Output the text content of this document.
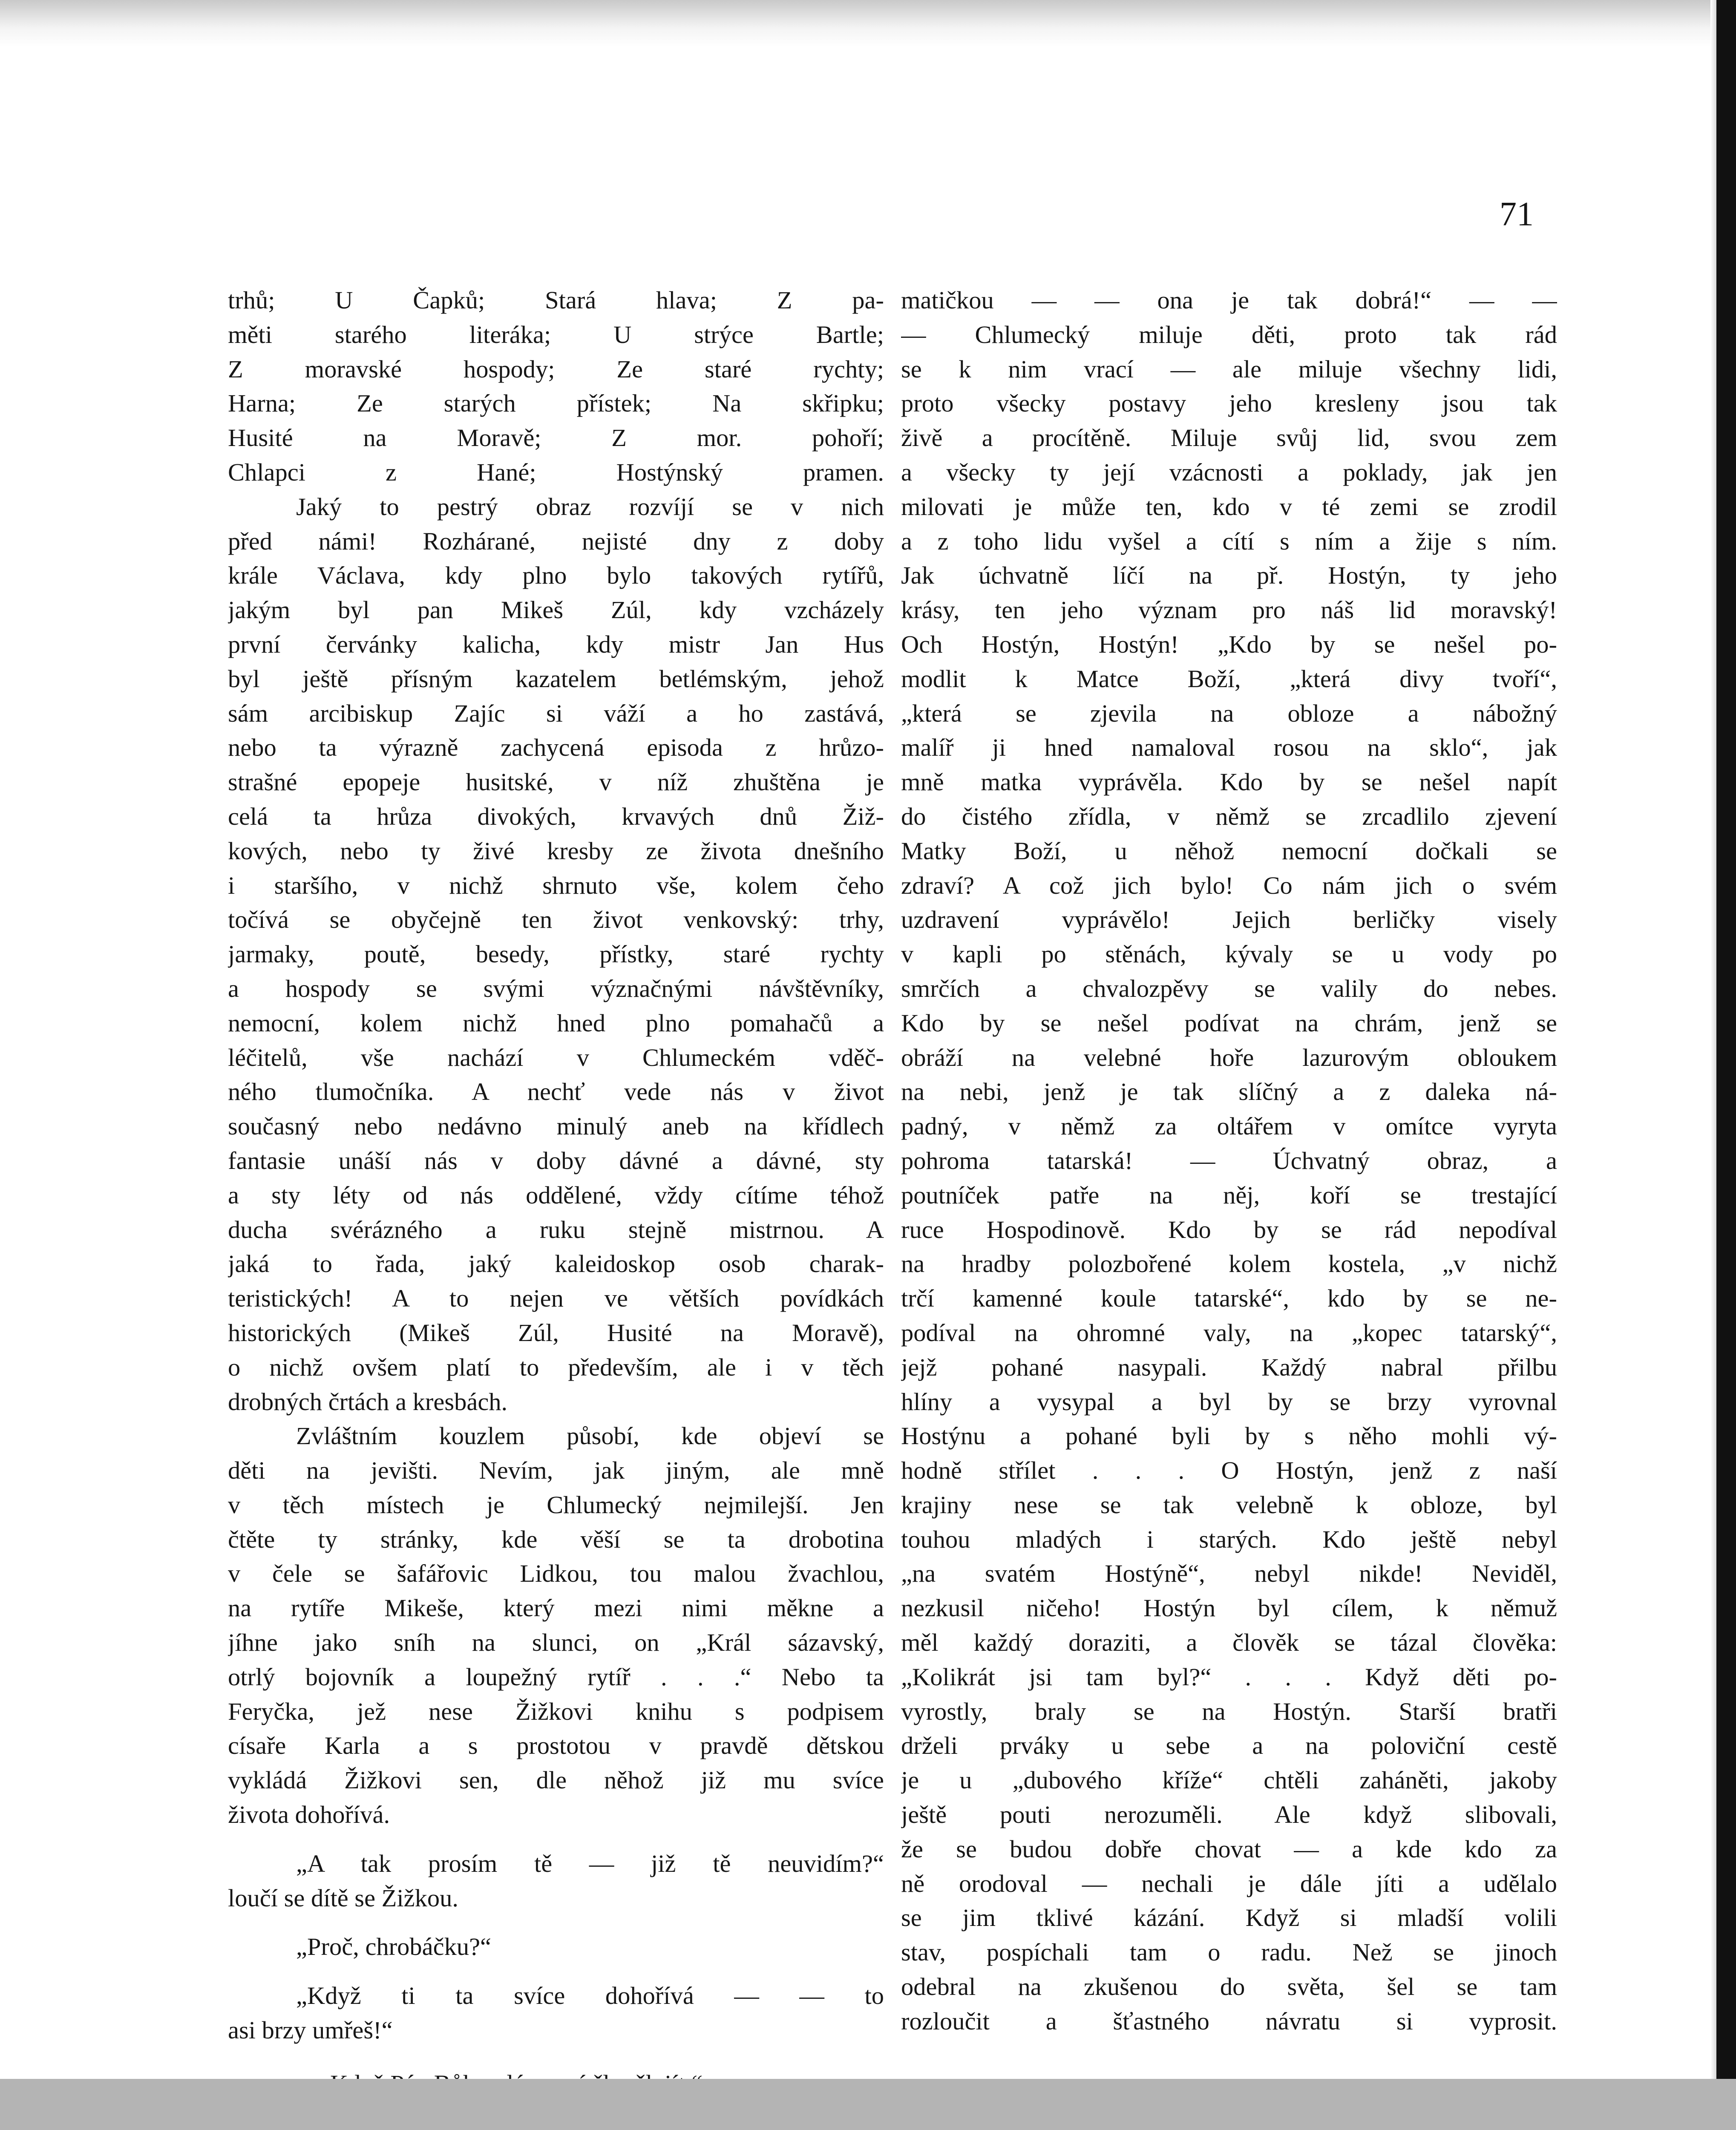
71
trhů; U Čapků; Stará hlava; Z pa-
měti starého literáka; U strýce Bartle;
Z moravské hospody; Ze staré rychty;
Harna; Ze starých přístek; Na skřipku;
Husité na Moravě; Z mor. pohoří;
Chlapci z Hané; Hostýnský pramen.
Jaký to pestrý obraz rozvíjí se v nich
před námi! Rozhárané, nejisté dny z doby
krále Václava, kdy plno bylo takových rytířů,
jakým byl pan Mikeš Zúl, kdy vzcházely
první červánky kalicha, kdy mistr Jan Hus
byl ještě přísným kazatelem betlémským, jehož
sám arcibiskup Zajíc si váží a ho zastává,
nebo ta výrazně zachycená episoda z hrůzo-
strašné epopeje husitské, v níž zhuštěna je
celá ta hrůza divokých, krvavých dnů Žiž-
kových, nebo ty živé kresby ze života dnešního
i staršího, v nichž shrnuto vše, kolem čeho
točívá se obyčejně ten život venkovský: trhy,
jarmaky, poutě, besedy, přístky, staré rychty
a hospody se svými význačnými návštěvníky,
nemocní, kolem nichž hned plno pomahačů a
léčitelů, vše nachází v Chlumeckém vděč-
ného tlumočníka. A nechť vede nás v život
současný nebo nedávno minulý aneb na křídlech
fantasie unáší nás v doby dávné a dávné, sty
a sty léty od nás oddělené, vždy cítíme téhož
ducha svérázného a ruku stejně mistrnou. A
jaká to řada, jaký kaleidoskop osob charak-
teristických! A to nejen ve větších povídkách
historických (Mikeš Zúl, Husité na Moravě),
o nichž ovšem platí to především, ale i v těch
drobných črtách a kresbách.
Zvláštním kouzlem působí, kde objeví se
děti na jevišti. Nevím, jak jiným, ale mně
v těch místech je Chlumecký nejmilejší. Jen
čtěte ty stránky, kde věší se ta drobotina
v čele se šafářovic Lidkou, tou malou žvachlou,
na rytíře Mikeše, který mezi nimi měkne a
jíhne jako sníh na slunci, on „Král sázavský,
otrlý bojovník a loupežný rytíř . . .“ Nebo ta
Feryčka, jež nese Žižkovi knihu s podpisem
císaře Karla a s prostotou v pravdě dětskou
vykládá Žižkovi sen, dle něhož již mu svíce
života dohořívá.
„A tak prosím tě — již tě neuvidím?“
loučí se dítě se Žižkou.
„Proč, chrobáčku?“
„Když ti ta svíce dohořívá — — to
asi brzy umřeš!“
matičkou — — ona je tak dobrá!“ — —
— Chlumecký miluje děti, proto tak rád
se k nim vrací — ale miluje všechny lidi,
proto všecky postavy jeho kresleny jsou tak
živě a procítěně. Miluje svůj lid, svou zem
a všecky ty její vzácnosti a poklady, jak jen
milovati je může ten, kdo v té zemi se zrodil
a z toho lidu vyšel a cítí s ním a žije s ním.
Jak úchvatně líčí na př. Hostýn, ty jeho
krásy, ten jeho význam pro náš lid moravský!
Och Hostýn, Hostýn! „Kdo by se nešel po-
modlit k Matce Boží, „která divy tvoří“,
„která se zjevila na obloze a nábožný
malíř ji hned namaloval rosou na sklo“, jak
mně matka vyprávěla. Kdo by se nešel napít
do čistého zřídla, v němž se zrcadlilo zjevení
Matky Boží, u něhož nemocní dočkali se
zdraví? A což jich bylo! Co nám jich o svém
uzdravení vyprávělo! Jejich berličky visely
v kapli po stěnách, kývaly se u vody po
smrčích a chvalozpěvy se valily do nebes.
Kdo by se nešel podívat na chrám, jenž se
obráží na velebné hoře lazurovým obloukem
na nebi, jenž je tak slíčný a z daleka ná-
padný, v němž za oltářem v omítce vyryta
pohroma tatarská! — Úchvatný obraz, a
poutníček patře na něj, koří se trestající
ruce Hospodinově. Kdo by se rád nepodíval
na hradby polozbořené kolem kostela, „v nichž
trčí kamenné koule tatarské“, kdo by se ne-
podíval na ohromné valy, na „kopec tatarský“,
jejž pohané nasypali. Každý nabral přilbu
hlíny a vysypal a byl by se brzy vyrovnal
Hostýnu a pohané byli by s něho mohli vý-
hodně střílet . . . O Hostýn, jenž z naší
krajiny nese se tak velebně k obloze, byl
touhou mladých i starých. Kdo ještě nebyl
„na svatém Hostýně“, nebyl nikde! Neviděl,
nezkusil ničeho! Hostýn byl cílem, k němuž
měl každý doraziti, a člověk se tázal člověka:
„Kolikrát jsi tam byl?“ . . . Když děti po-
vyrostly, braly se na Hostýn. Starší bratři
drželi prváky u sebe a na poloviční cestě
je u „dubového kříže“ chtěli zaháněti, jakoby
ještě pouti nerozuměli. Ale když slibovali,
že se budou dobře chovat — a kde kdo za
ně orodoval — nechali je dále jíti a udělalo
se jim tklivé kázání. Když si mladší volili
stav, pospíchali tam o radu. Než se jinoch
odebral na zkušenou do světa, šel se tam
rozloučit a šťastného návratu si vyprosit.
